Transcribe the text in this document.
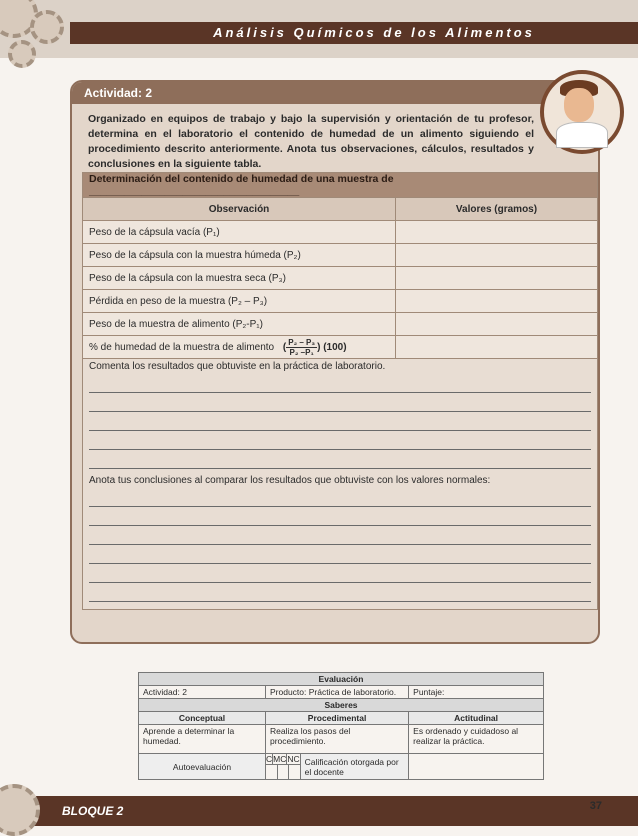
Análisis Químicos de los Alimentos
Actividad: 2
Organizado en equipos de trabajo y bajo la supervisión y orientación de tu profesor, determina en el laboratorio el contenido de humedad de un alimento siguiendo el procedimiento descrito anteriormente. Anota tus observaciones, cálculos, resultados y conclusiones en la siguiente tabla.
Determinación del contenido de humedad de una muestra de ____________________________________	
Observación	Valores (gramos)
Peso de la cápsula vacía (P₁)	
Peso de la cápsula con la muestra húmeda (P₂)	
Peso de la cápsula con la muestra seca (P₃)	
Pérdida en peso de la muestra (P₂ – P₃)	
Peso de la muestra de alimento (P₂-P₁)	
% de humedad de la muestra de alimento ( $\frac{\text{P₂ – P₃}}{\text{P₂ –P₁}}$ ) (100)	

Comenta los resultados que obtuviste en la práctica de laboratorio.
Anota tus conclusiones al comparar los resultados que obtuviste con los valores normales:	
Evaluación			
Actividad: 2	Producto: Práctica de laboratorio.		Puntaje:
Saberes			
Conceptual	Procedimental		Actitudinal
Aprende a determinar la humedad.	Realiza los pasos del procedimiento.		Es ordenado y cuidadoso al realizar la práctica.
Autoevaluación	C MC NC	Calificación otorgada por el docente	

BLOQUE 2	37
